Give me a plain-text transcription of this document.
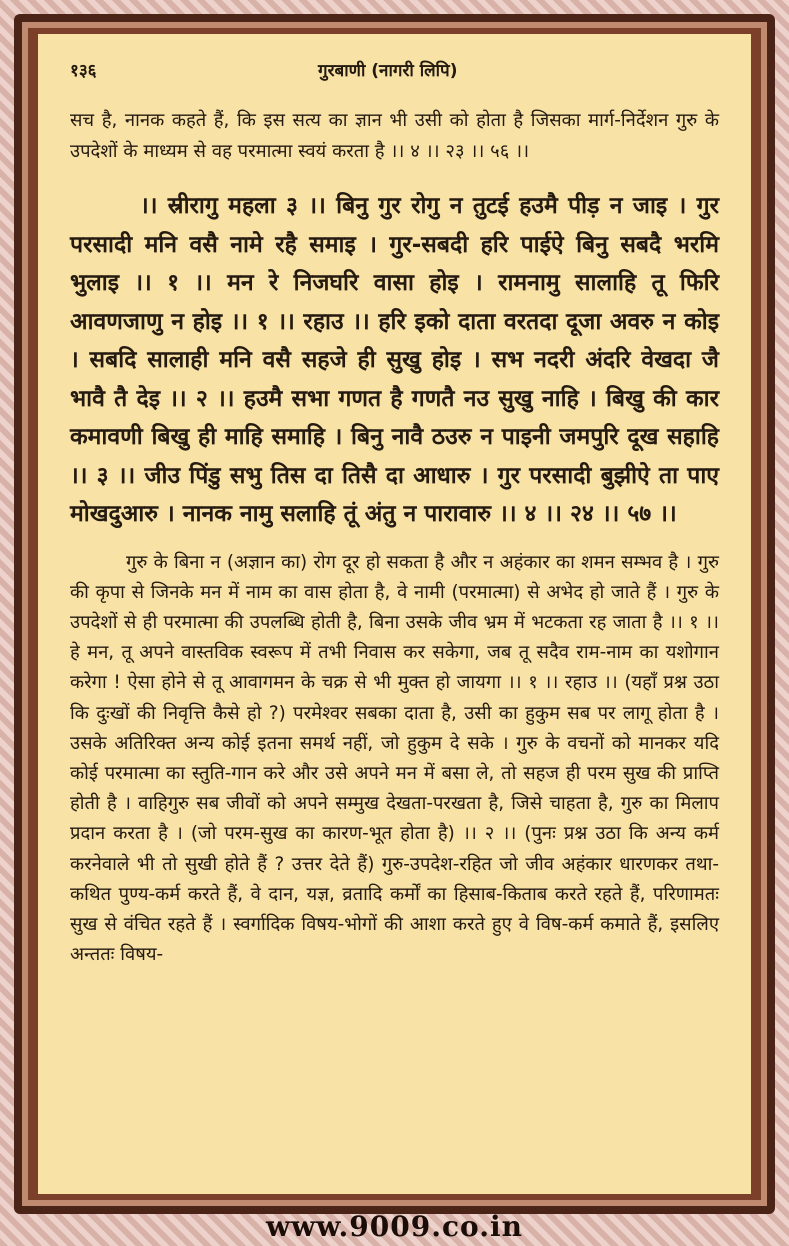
१३६	गुरबाणी (नागरी लिपि)

सच है, नानक कहते हैं, कि इस सत्य का ज्ञान भी उसी को होता है जिसका मार्ग-निर्देशन गुरु के उपदेशों के माध्यम से वह परमात्मा स्वयं करता है ।। ४ ।। २३ ।। ५६ ।।

।। स्रीरागु महला ३ ।। बिनु गुर रोगु न तुटई हउमै पीड़ न जाइ । गुर परसादी मनि वसै नामे रहै समाइ । गुर-सबदी हरि पाईऐ बिनु सबदै भरमि भुलाइ ।। १ ।। मन रे निजघरि वासा होइ । रामनामु सालाहि तू फिरि आवणजाणु न होइ ।। १ ।। रहाउ ।। हरि इको दाता वरतदा दूजा अवरु न कोइ । सबदि सालाही मनि वसै सहजे ही सुखु होइ । सभ नदरी अंदरि वेखदा जै भावै तै देइ ।। २ ।। हउमै सभा गणत है गणतै नउ सुखु नाहि । बिखु की कार कमावणी बिखु ही माहि समाहि । बिनु नावै ठउरु न पाइनी जमपुरि दूख सहाहि ।। ३ ।। जीउ पिंडु सभु तिस दा तिसै दा आधारु । गुर परसादी बुझीऐ ता पाए मोखदुआरु । नानक नामु सलाहि तूं अंतु न पारावारु ।। ४ ।। २४ ।। ५७ ।।

गुरु के बिना न (अज्ञान का) रोग दूर हो सकता है और न अहंकार का शमन सम्भव है । गुरु की कृपा से जिनके मन में नाम का वास होता है, वे नामी (परमात्मा) से अभेद हो जाते हैं । गुरु के उपदेशों से ही परमात्मा की उपलब्धि होती है, बिना उसके जीव भ्रम में भटकता रह जाता है ।। १ ।। हे मन, तू अपने वास्तविक स्वरूप में तभी निवास कर सकेगा, जब तू सदैव राम-नाम का यशोगान करेगा ! ऐसा होने से तू आवागमन के चक्र से भी मुक्त हो जायगा ।। १ ।। रहाउ ।। (यहाँ प्रश्न उठा कि दुःखों की निवृत्ति कैसे हो ?) परमेश्वर सबका दाता है, उसी का हुकुम सब पर लागू होता है । उसके अतिरिक्त अन्य कोई इतना समर्थ नहीं, जो हुकुम दे सके । गुरु के वचनों को मानकर यदि कोई परमात्मा का स्तुति-गान करे और उसे अपने मन में बसा ले, तो सहज ही परम सुख की प्राप्ति होती है । वाहिगुरु सब जीवों को अपने सम्मुख देखता-परखता है, जिसे चाहता है, गुरु का मिलाप प्रदान करता है । (जो परम-सुख का कारण-भूत होता है) ।। २ ।। (पुनः प्रश्न उठा कि अन्य कर्म करनेवाले भी तो सुखी होते हैं ? उत्तर देते हैं) गुरु-उपदेश-रहित जो जीव अहंकार धारणकर तथा-कथित पुण्य-कर्म करते हैं, वे दान, यज्ञ, व्रतादि कर्मों का हिसाब-किताब करते रहते हैं, परिणामतः सुख से वंचित रहते हैं । स्वर्गादिक विषय-भोगों की आशा करते हुए वे विष-कर्म कमाते हैं, इसलिए अन्ततः विषय-

www.9009.co.in
